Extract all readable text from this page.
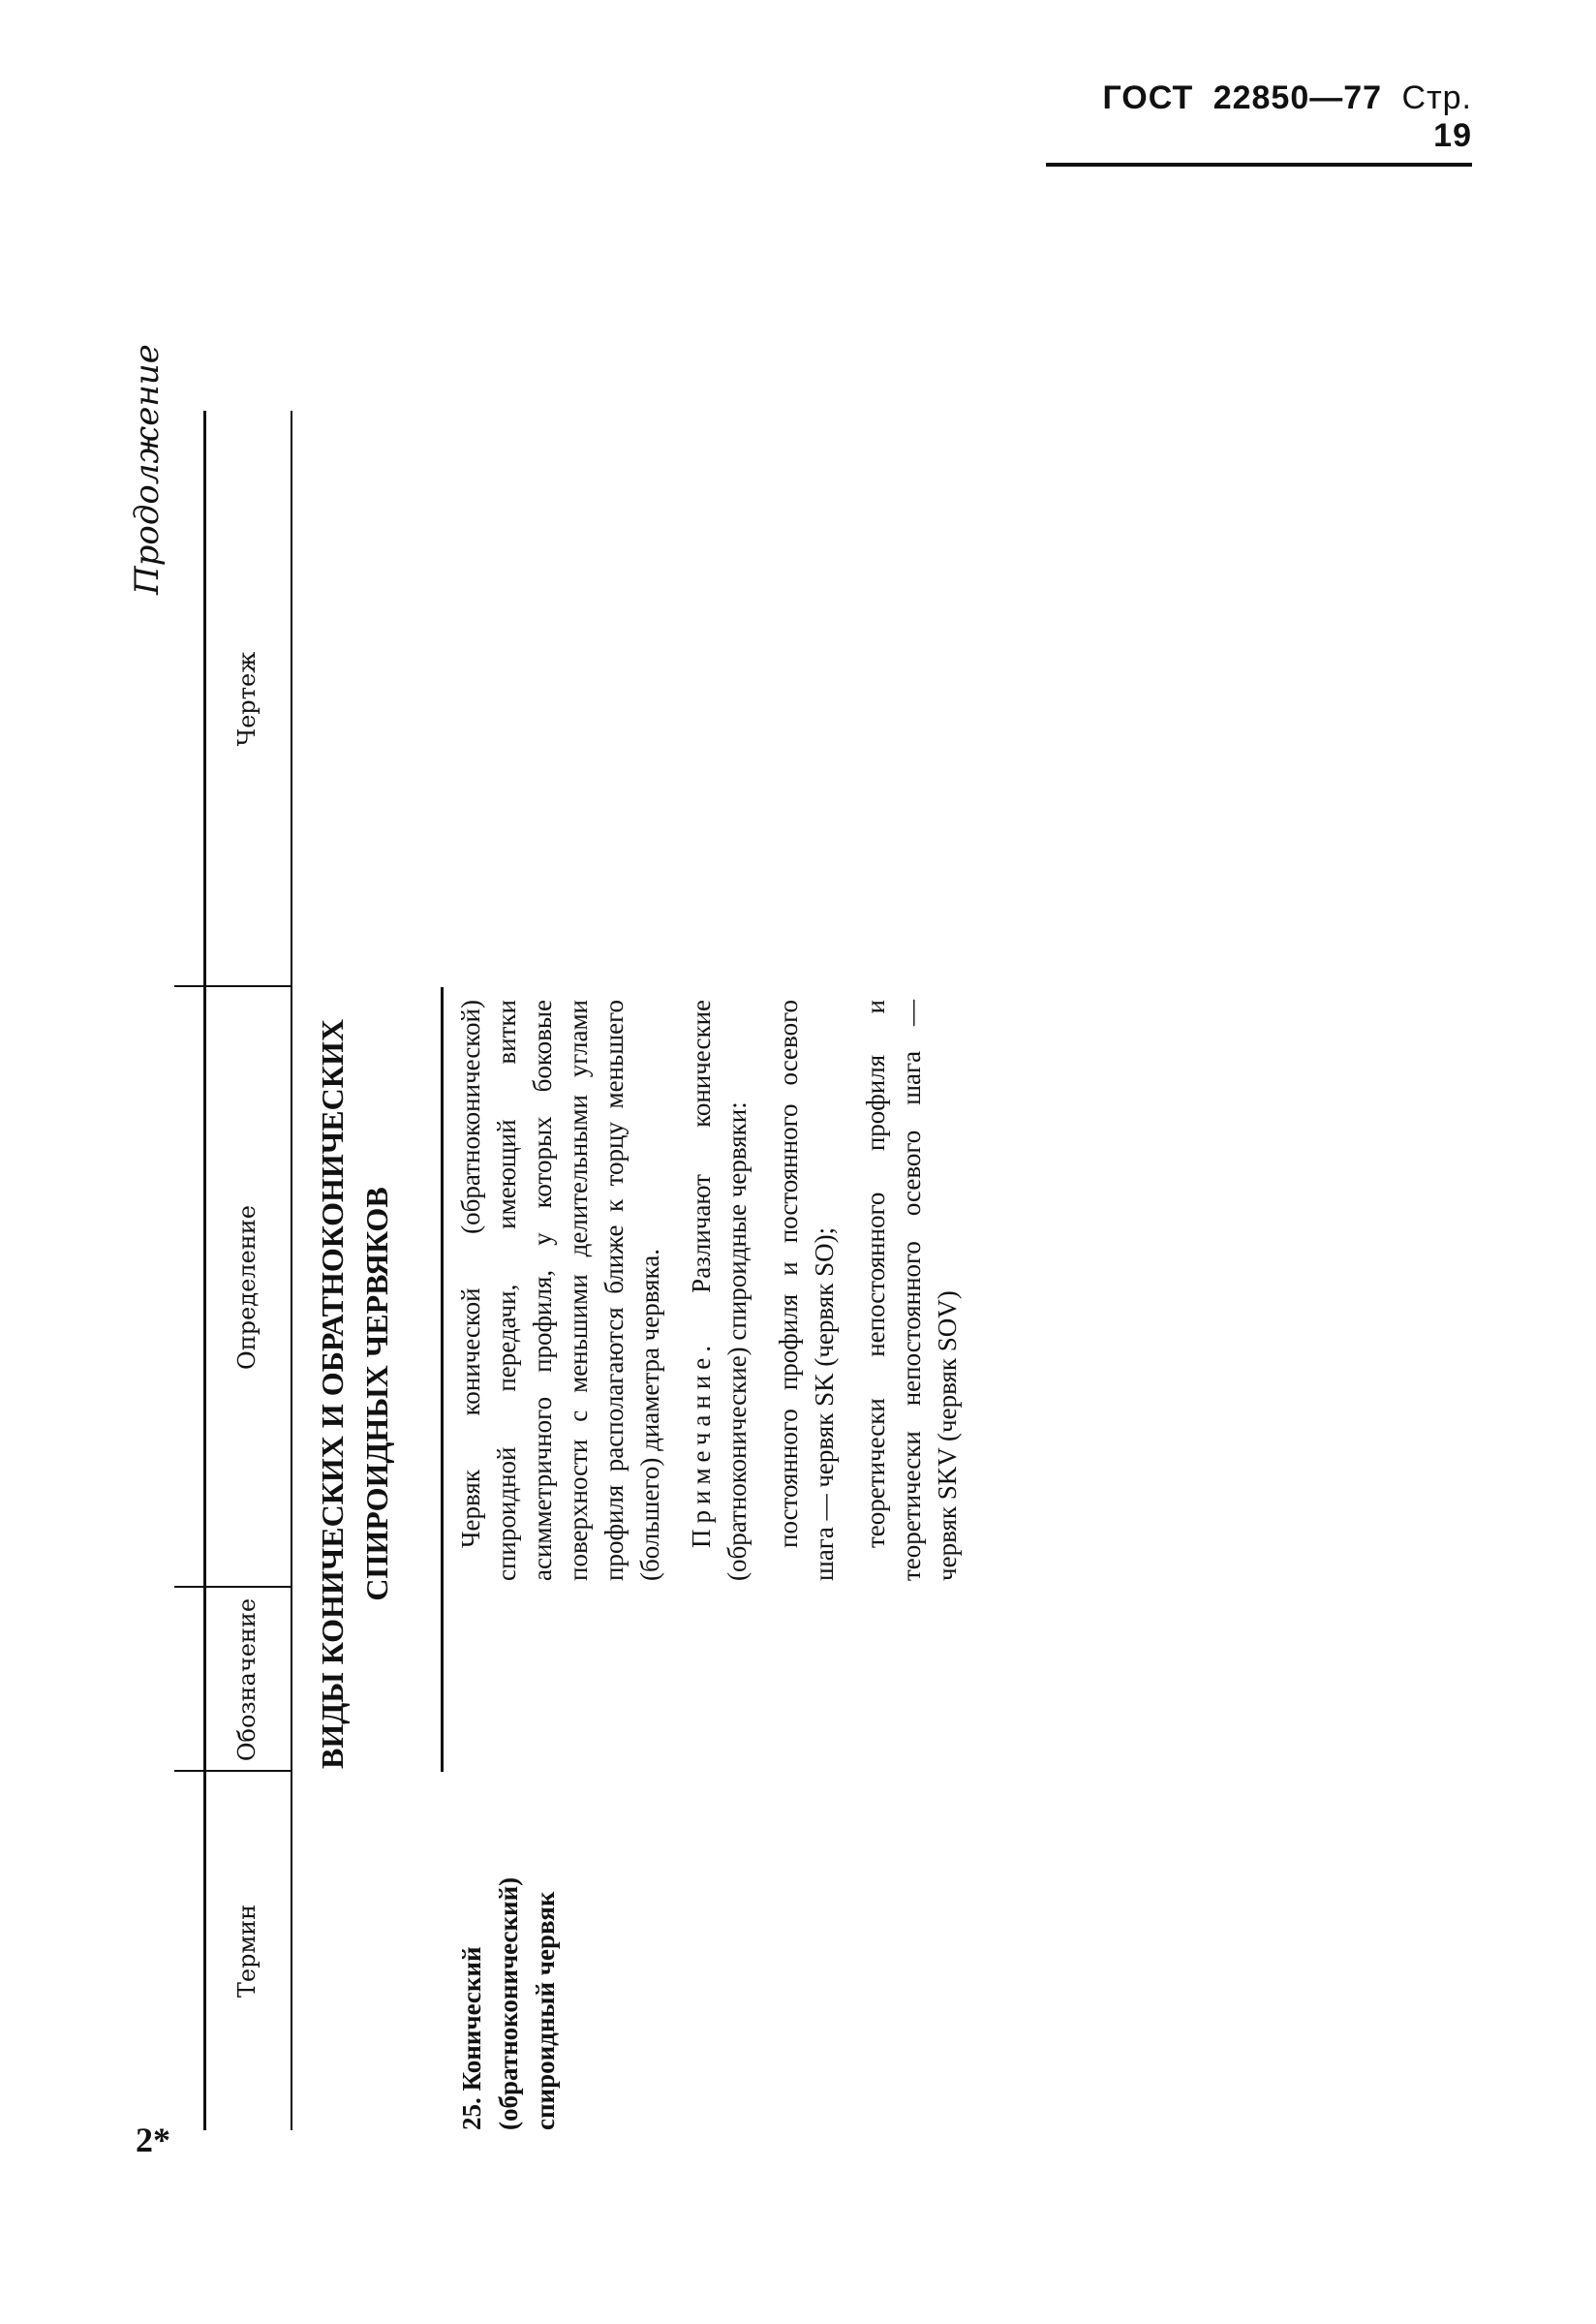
ГОСТ 22850—77 Стр. 19
2*
Продолжение
Термин
Обозначение
Определение
Чертеж
ВИДЫ КОНИЧЕСКИХ И ОБРАТНОКОНИЧЕСКИХ СПИРОИДНЫХ ЧЕРВЯКОВ
25. Конический (обратноконический) спироидный червяк

Червяк конической (обратноконической) спироидной передачи, имеющий витки асимметричного профиля, у которых боковые поверхности с меньшими делительными углами профиля располагаются ближе к торцу меньшего (большего) диаметра червяка. Примечание. Различают конические (обратноконические) спироидные червяки: постоянного профиля и постоянного осевого шага — червяк SK (червяк SO); теоретически непостоянного профиля и теоретически непостоянного осевого шага — червяк SKV (червяк SOV)
